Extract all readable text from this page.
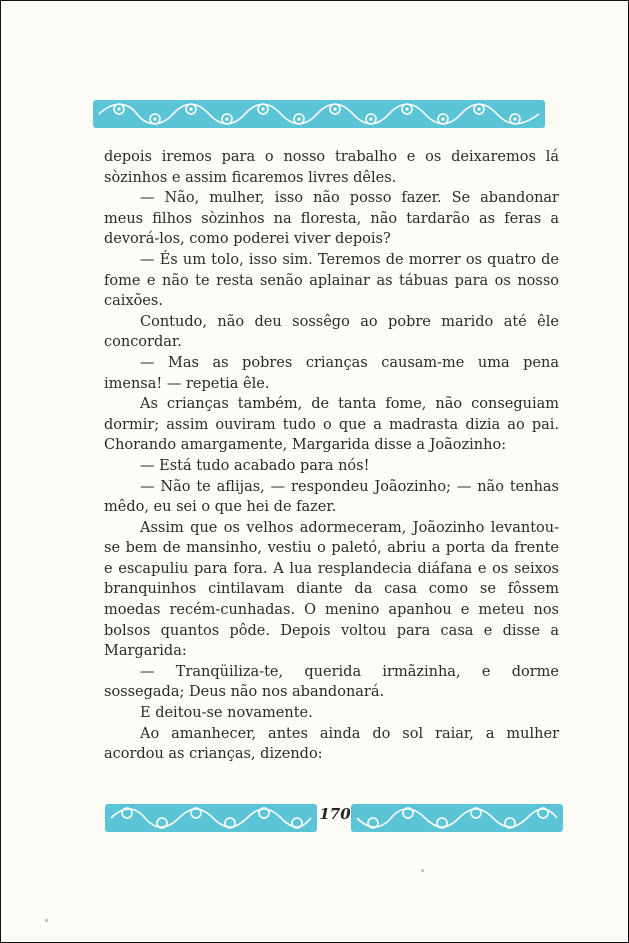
depois iremos para o nosso trabalho e os deixaremos lá sòzinhos e assim ficaremos livres dêles.

— Não, mulher, isso não posso fazer. Se abandonar meus filhos sòzinhos na floresta, não tardarão as feras a devorá-los, como poderei viver depois?

— És um tolo, isso sim. Teremos de morrer os quatro de fome e não te resta senão aplainar as tábuas para os nosso caixões.

Contudo, não deu sossêgo ao pobre marido até êle concordar.

— Mas as pobres crianças causam-me uma pena imensa! — repetia êle.

As crianças também, de tanta fome, não conseguiam dormir; assim ouviram tudo o que a madrasta dizia ao pai. Chorando amargamente, Margarida disse a Joãozinho:

— Está tudo acabado para nós!

— Não te aflijas, — respondeu Joãozinho; — não tenhas mêdo, eu sei o que hei de fazer.

Assim que os velhos adormeceram, Joãozinho levantou-se bem de mansinho, vestiu o paletó, abriu a porta da frente e escapuliu para fora. A lua resplandecia diáfana e os seixos branquinhos cintilavam diante da casa como se fôssem moedas recém-cunhadas. O menino apanhou e meteu nos bolsos quantos pôde. Depois voltou para casa e disse a Margarida:

— Tranqüiliza-te, querida irmãzinha, e dorme sossegada; Deus não nos abandonará.

E deitou-se novamente.

Ao amanhecer, antes ainda do sol raiar, a mulher acordou as crianças, dizendo:

170
